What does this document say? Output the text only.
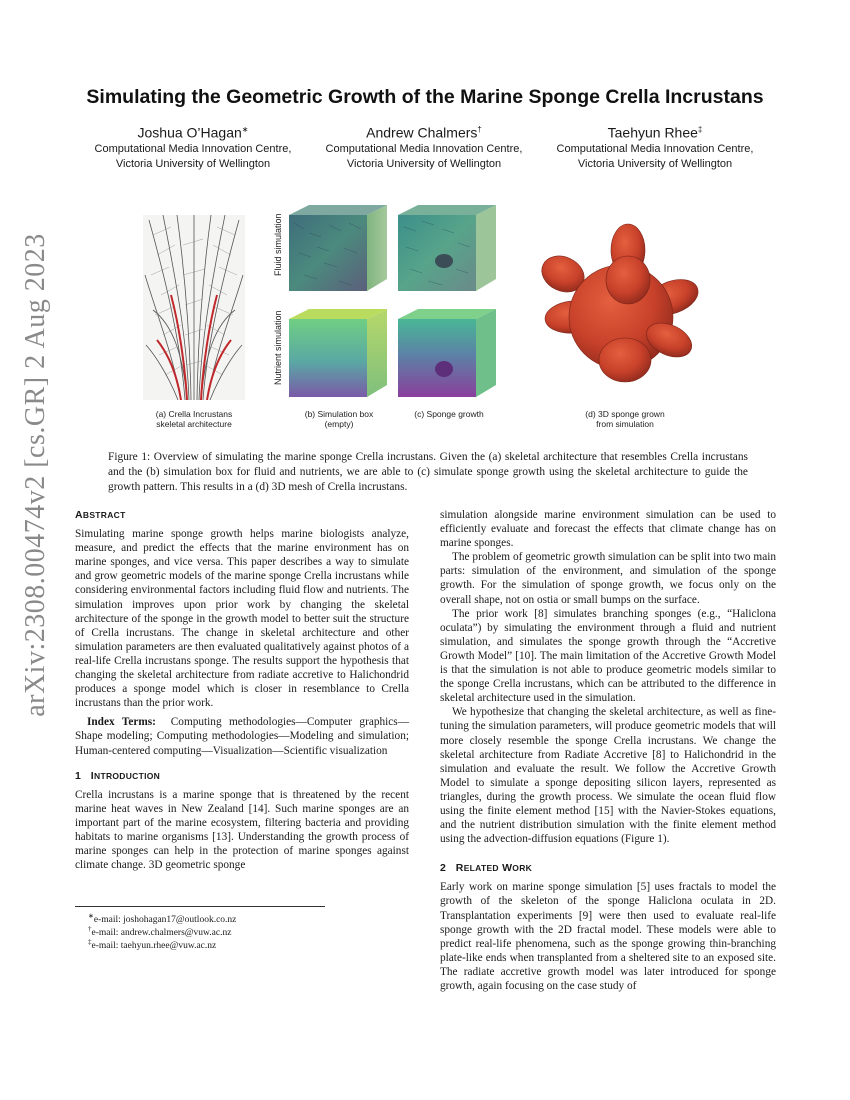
arXiv:2308.00474v2 [cs.GR] 2 Aug 2023
Simulating the Geometric Growth of the Marine Sponge Crella Incrustans
Joshua O’Hagan∗
Computational Media Innovation Centre,
Victoria University of Wellington
Andrew Chalmers†
Computational Media Innovation Centre,
Victoria University of Wellington
Taehyun Rhee‡
Computational Media Innovation Centre,
Victoria University of Wellington
Fluid simulation
Nutrient simulation
(a) Crella Incrustans
skeletal architecture
(b) Simulation box
(empty)
(c) Sponge growth	(d) 3D sponge grown
from simulation
Figure 1: Overview of simulating the marine sponge Crella incrustans. Given the (a) skeletal architecture that resembles Crella incrustans and the (b) simulation box for fluid and nutrients, we are able to (c) simulate sponge growth using the skeletal architecture to guide the growth pattern. This results in a (d) 3D mesh of Crella incrustans.

ABSTRACT

Simulating marine sponge growth helps marine biologists analyze, measure, and predict the effects that the marine environment has on marine sponges, and vice versa. This paper describes a way to simulate and grow geometric models of the marine sponge Crella incrustans while considering environmental factors including fluid flow and nutrients. The simulation improves upon prior work by changing the skeletal architecture of the sponge in the growth model to better suit the structure of Crella incrustans. The change in skeletal architecture and other simulation parameters are then evaluated qualitatively against photos of a real-life Crella incrustans sponge. The results support the hypothesis that changing the skeletal architecture from radiate accretive to Halichondrid produces a sponge model which is closer in resemblance to Crella incrustans than the prior work.

Index Terms: Computing methodologies—Computer graphics—Shape modeling; Computing methodologies—Modeling and simulation; Human-centered computing—Visualization—Scientific visualization

1 INTRODUCTION

Crella incrustans is a marine sponge that is threatened by the recent marine heat waves in New Zealand [14]. Such marine sponges are an important part of the marine ecosystem, filtering bacteria and providing habitats to marine organisms [13]. Understanding the growth process of marine sponges can help in the protection of marine sponges against climate change. 3D geometric sponge

∗e-mail: joshohagan17@outlook.co.nz
†e-mail: andrew.chalmers@vuw.ac.nz
‡e-mail: taehyun.rhee@vuw.ac.nz

simulation alongside marine environment simulation can be used to efficiently evaluate and forecast the effects that climate change has on marine sponges.

The problem of geometric growth simulation can be split into two main parts: simulation of the environment, and simulation of the sponge growth. For the simulation of sponge growth, we focus only on the overall shape, not on ostia or small bumps on the surface.

The prior work [8] simulates branching sponges (e.g., “Haliclona oculata”) by simulating the environment through a fluid and nutrient simulation, and simulates the sponge growth through the “Accretive Growth Model” [10]. The main limitation of the Accretive Growth Model is that the simulation is not able to produce geometric models similar to the sponge Crella incrustans, which can be attributed to the difference in skeletal architecture used in the simulation.

We hypothesize that changing the skeletal architecture, as well as fine-tuning the simulation parameters, will produce geometric models that will more closely resemble the sponge Crella incrustans. We change the skeletal architecture from Radiate Accretive [8] to Halichondrid in the simulation and evaluate the result. We follow the Accretive Growth Model to simulate a sponge depositing silicon layers, represented as triangles, during the growth process. We simulate the ocean fluid flow using the finite element method [15] with the Navier-Stokes equations, and the nutrient distribution simulation with the finite element method using the advection-diffusion equations (Figure 1).

2 RELATED WORK

Early work on marine sponge simulation [5] uses fractals to model the growth of the skeleton of the sponge Haliclona oculata in 2D. Transplantation experiments [9] were then used to evaluate real-life sponge growth with the 2D fractal model. These models were able to predict real-life phenomena, such as the sponge growing thin-branching plate-like ends when transplanted from a sheltered site to an exposed site. The radiate accretive growth model was later introduced for sponge growth, again focusing on the case study of
